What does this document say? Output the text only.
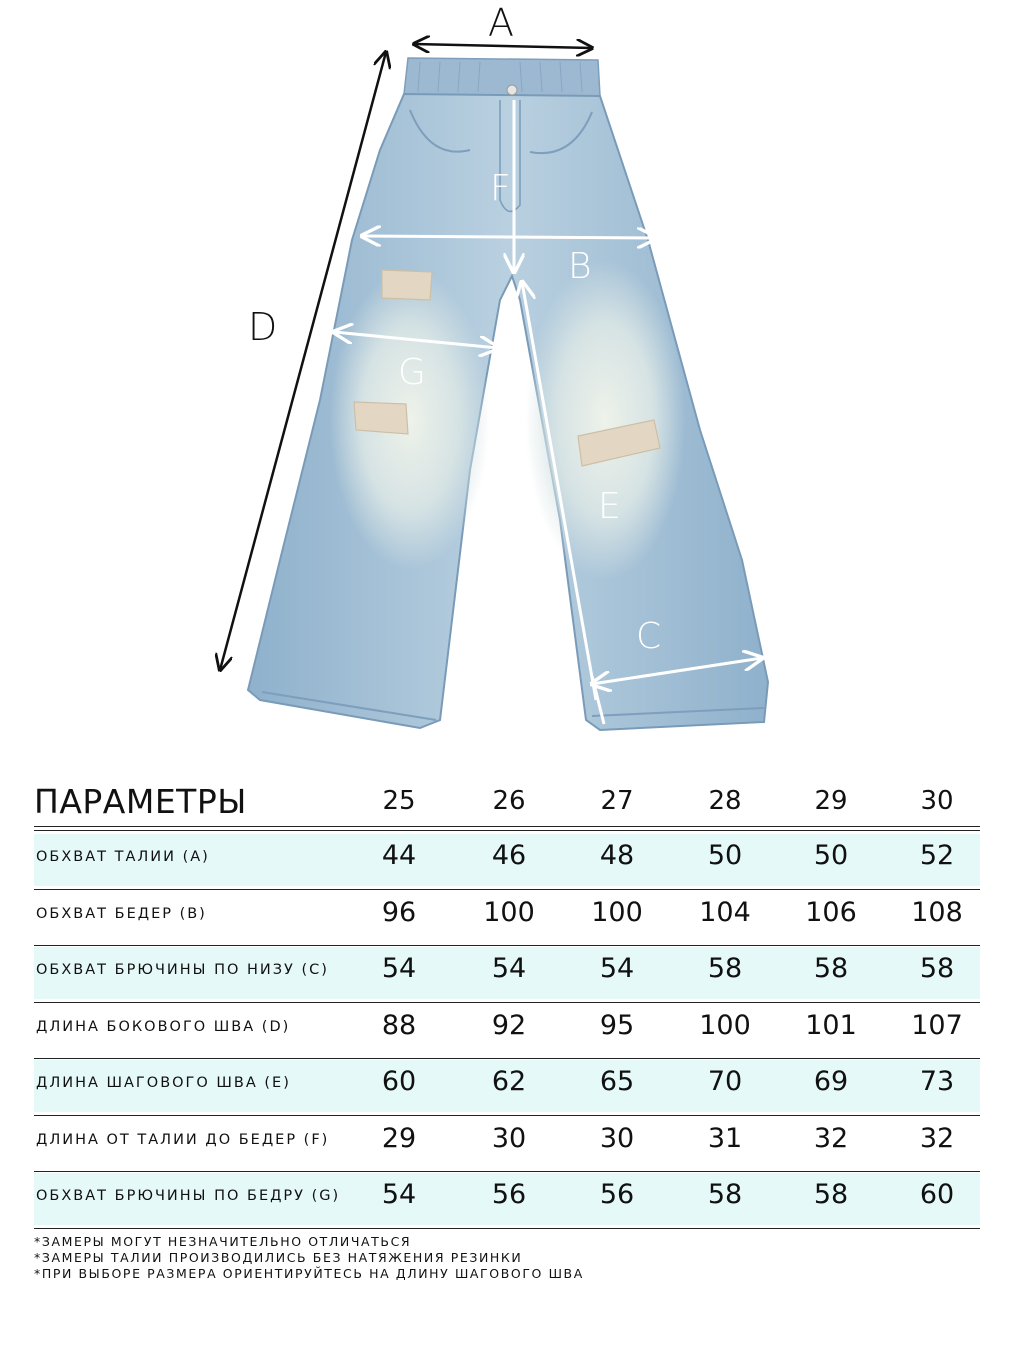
A
D
F
B
G
E
C
ПАРАМЕТРЫ	25	26	27	28	29	30
ОБХВАТ ТАЛИИ (A)	44	46	48	50	50	52
ОБХВАТ БЕДЕР (B)	96	100	100	104	106	108
ОБХВАТ БРЮЧИНЫ ПО НИЗУ (C)	54	54	54	58	58	58
ДЛИНА БОКОВОГО ШВА (D)	88	92	95	100	101	107
ДЛИНА ШАГОВОГО ШВА (E)	60	62	65	70	69	73
ДЛИНА ОТ ТАЛИИ ДО БЕДЕР (F)	29	30	30	31	32	32
ОБХВАТ БРЮЧИНЫ ПО БЕДРУ (G)	54	56	56	58	58	60
*ЗАМЕРЫ МОГУТ НЕЗНАЧИТЕЛЬНО ОТЛИЧАТЬСЯ
*ЗАМЕРЫ ТАЛИИ ПРОИЗВОДИЛИСЬ БЕЗ НАТЯЖЕНИЯ РЕЗИНКИ
*ПРИ ВЫБОРЕ РАЗМЕРА ОРИЕНТИРУЙТЕСЬ НА ДЛИНУ ШАГОВОГО ШВА
